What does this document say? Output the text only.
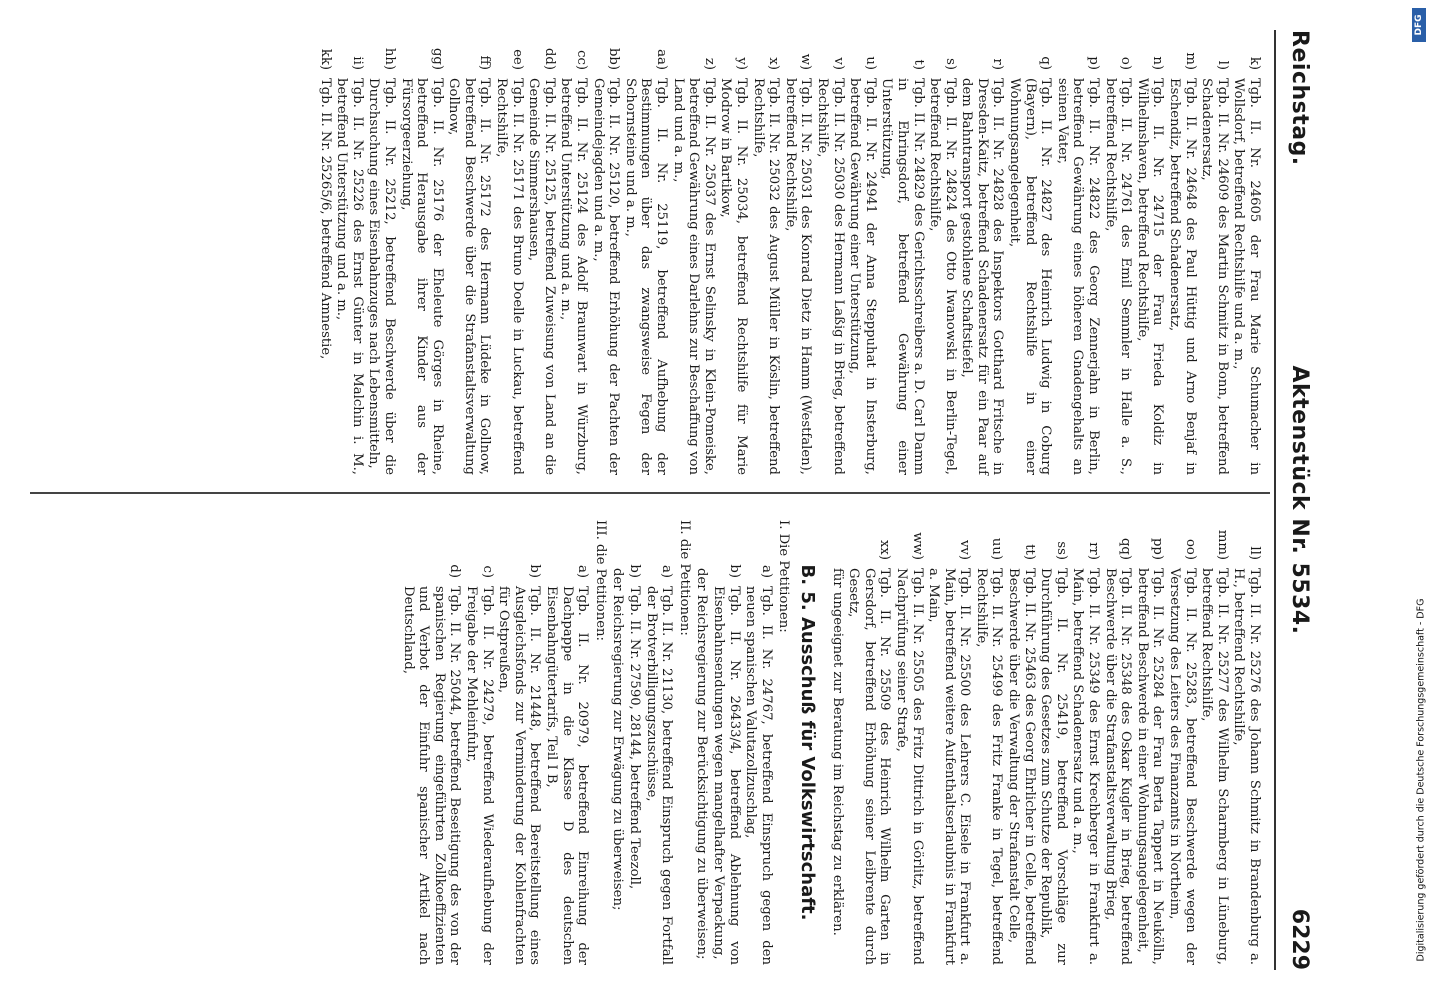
Reichstag.
Aktenstück Nr. 5534.
6229
k)
Tgb. II. Nr. 24605 der Frau Marie Schumacher in Wollsdorf, betreffend Rechtshilfe und a. m.,
l)
Tgb. II. Nr. 24609 des Martin Schmitz in Bonn, betreffend Schadenersatz,
m)
Tgb. II. Nr. 24648 des Paul Hüttig und Arno Benjaf in Eschendiz, betreffend Schadenersatz,
n)
Tgb. II. Nr. 24715 der Frau Frieda Koldiz in Wilhelmshaven, betreffend Rechtshilfe,
o)
Tgb. II. Nr. 24761 des Emil Semmler in Halle a. S., betreffend Rechtshilfe,
p)
Tgb. II. Nr. 24822 des Georg Zennerjahn in Berlin, betreffend Gewährung eines höheren Gnadengehalts an seinen Vater,
q)
Tgb. II. Nr. 24827 des Heinrich Ludwig in Coburg (Bayern), betreffend Rechtshilfe in einer Wohnungsangelegenheit,
r)
Tgb. II. Nr. 24828 des Inspektors Gotthard Fritsche in Dresden-Kaitz, betreffend Schadenersatz für ein Paar auf dem Bahntransport gestohlene Schaftstiefel,
s)
Tgb. II. Nr. 24824 des Otto Iwanowski in Berlin-Tegel, betreffend Rechtshilfe,
t)
Tgb. II. Nr. 24829 des Gerichtsschreibers a. D. Carl Damm in Ehringsdorf, betreffend Gewährung einer Unterstützung,
u)
Tgb. II. Nr. 24941 der Anna Steppuhat in Insterburg, betreffend Gewährung einer Unterstützung,
v)
Tgb. II. Nr. 25030 des Hermann Laßig in Brieg, betreffend Rechtshilfe,
w)
Tgb. II. Nr. 25031 des Konrad Dietz in Hamm (Westfalen), betreffend Rechtshilfe,
x)
Tgb. II. Nr. 25032 des August Müller in Köslin, betreffend Rechtshilfe,
y)
Tgb. II. Nr. 25034, betreffend Rechtshilfe für Marie Modrow in Bartikow,
z)
Tgb. II. Nr. 25037 des Ernst Selinsky in Klein-Pomeiske, betreffend Gewährung eines Darlehns zur Beschaffung von Land und a. m.,
aa)
Tgb. II. Nr. 25119, betreffend Aufhebung der Bestimmungen über das zwangsweise Fegen der Schornsteine und a. m.,
bb)
Tgb. II. Nr. 25120, betreffend Erhöhung der Pachten der Gemeindejagden und a. m.,
cc)
Tgb. II. Nr. 25124 des Adolf Braunwart in Würzburg, betreffend Unterstützung und a. m.,
dd)
Tgb. II. Nr. 25125, betreffend Zuweisung von Land an die Gemeinde Simmershausen,
ee)
Tgb. II. Nr. 25171 des Bruno Doelle in Luckau, betreffend Rechtshilfe,
ff)
Tgb. II. Nr. 25172 des Hermann Lüdeke in Gollnow, betreffend Beschwerde über die Strafanstaltsverwaltung Gollnow,
gg)
Tgb. II. Nr. 25176 der Eheleute Görges in Rheine, betreffend Herausgabe ihrer Kinder aus der Fürsorgeerziehung,
hh)
Tgb. II. Nr. 25212, betreffend Beschwerde über die Durchsuchung eines Eisenbahnzuges nach Lebensmitteln,
ii)
Tgb. II. Nr. 25226 des Ernst Günter in Malchin i. M., betreffend Unterstützung und a. m.,
kk)
Tgb. II. Nr. 25265/6, betreffend Amnestie,
ll)
Tgb. II. Nr. 25276 des Johann Schmitz in Brandenburg a. H., betreffend Rechtshilfe,
mm)
Tgb. II. Nr. 25277 des Wilhelm Scharmberg in Lüneburg, betreffend Rechtshilfe,
oo)
Tgb. II. Nr. 25283, betreffend Beschwerde wegen der Versetzung des Leiters des Finanzamts in Northeim,
pp)
Tgb. II. Nr. 25284 der Frau Berta Tappert in Neukölln, betreffend Beschwerde in einer Wohnungsangelegenheit,
qq)
Tgb. II. Nr. 25348 des Oskar Kugler in Brieg, betreffend Beschwerde über die Strafanstaltsverwaltung Brieg,
rr)
Tgb. II. Nr. 25349 des Ernst Krechberger in Frankfurt a. Main, betreffend Schadenersatz und a. m.,
ss)
Tgb. II. Nr. 25419, betreffend Vorschläge zur Durchführung des Gesetzes zum Schutze der Republik,
tt)
Tgb. II. Nr. 25463 des Georg Ehrlicher in Celle, betreffend Beschwerde über die Verwaltung der Strafanstalt Celle,
uu)
Tgb. II. Nr. 25499 des Fritz Franke in Tegel, betreffend Rechtshilfe,
vv)
Tgb. II. Nr. 25500 des Lehrers C. Eisele in Frankfurt a. Main, betreffend weitere Aufenthaltserlaubnis in Frankfurt a. Main,
ww)
Tgb. II. Nr. 25505 des Fritz Dittrich in Görlitz, betreffend Nachprüfung seiner Strafe,
xx)
Tgb. II. Nr. 25509 des Heinrich Wilhelm Garten in Gersdorf, betreffend Erhöhung seiner Leibrente durch Gesetz,
für ungeeignet zur Beratung im Reichstag zu erklären.
B. 5. Ausschuß für Volkswirtschaft.
I. Die Petitionen:
a)
Tgb. II. Nr. 24767, betreffend Einspruch gegen den neuen spanischen Valutazollzuschlag,
b)
Tgb. II. Nr. 26433/4, betreffend Ablehnung von Eisenbahnsendungen wegen mangelhafter Verpackung,
der Reichsregierung zur Berücksichtigung zu überweisen;
II. die Petitionen:
a)
Tgb. II. Nr. 21130, betreffend Einspruch gegen Fortfall der Brotverbilligungszuschüsse,
b)
Tgb. II. Nr. 27590, 28144, betreffend Teezoll,
der Reichsregierung zur Erwägung zu überweisen;
III. die Petitionen:
a)
Tgb. II. Nr. 20979, betreffend Einreihung der Dachpappe in die Klasse D des deutschen Eisenbahngütertarifs, Teil I B,
b)
Tgb. II. Nr. 21448, betreffend Bereitstellung eines Ausgleichsfonds zur Verminderung der Kohlenfrachten für Ostpreußen,
c)
Tgb. II. Nr. 24279, betreffend Wiederaufhebung der Freigabe der Mehleinfuhr,
d)
Tgb. II. Nr. 25044, betreffend Beseitigung des von der spanischen Regierung eingeführten Zollkoeffizienten und Verbot der Einfuhr spanischer Artikel nach Deutschland,
DFG
Digitalisierung gefördert durch die Deutsche Forschungsgemeinschaft - DFG
